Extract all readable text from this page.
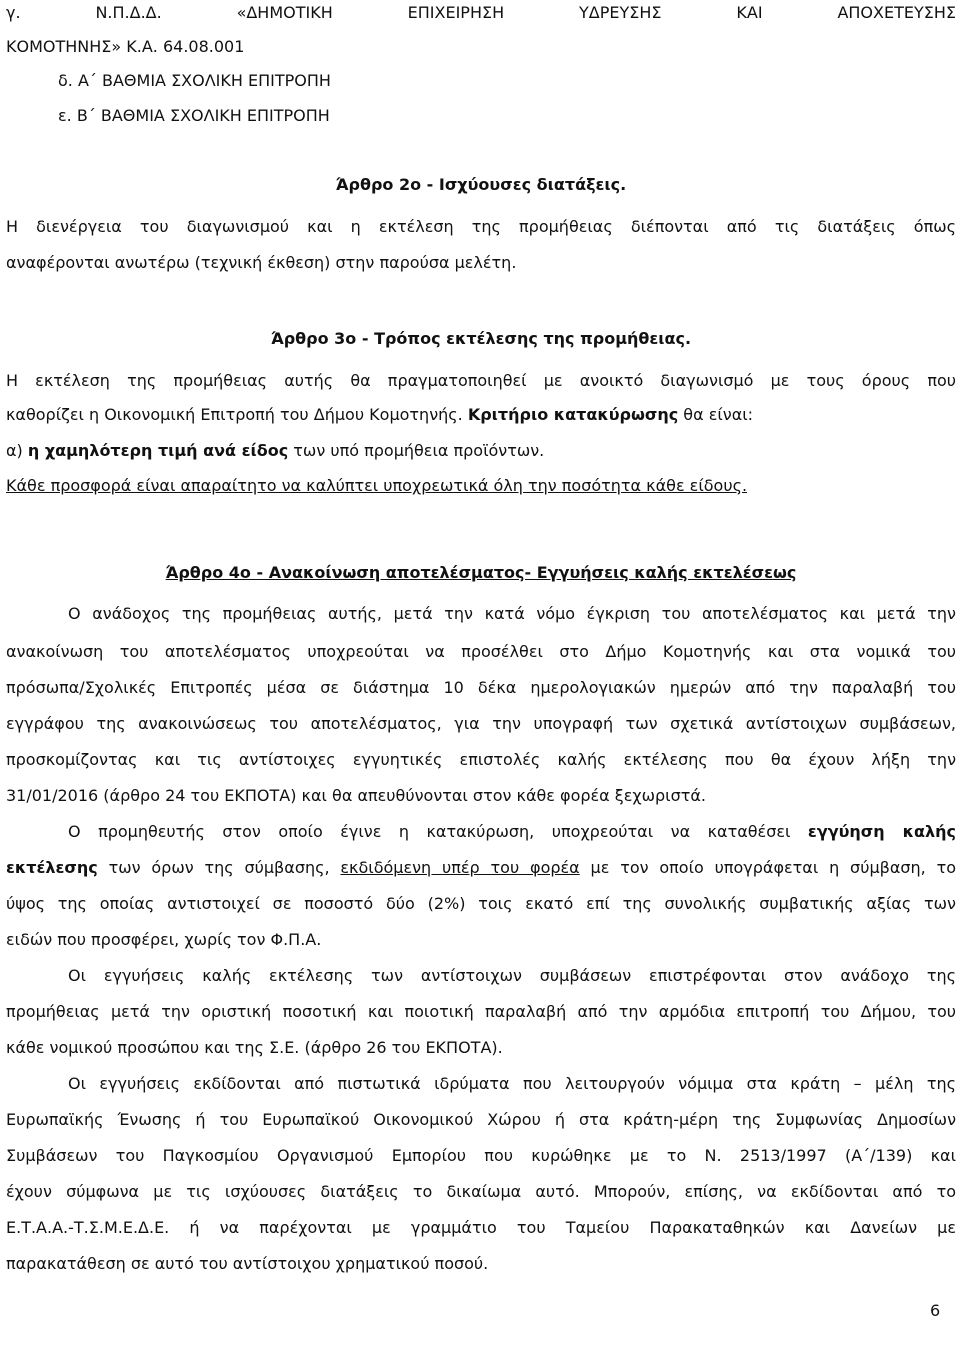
γ. Ν.Π.Δ.Δ. «ΔΗΜΟΤΙΚΗ ΕΠΙΧΕΙΡΗΣΗ ΥΔΡΕΥΣΗΣ ΚΑΙ ΑΠΟΧΕΤΕΥΣΗΣ
ΚΟΜΟΤΗΝΗΣ» Κ.Α. 64.08.001
δ. Α΄ ΒΑΘΜΙΑ ΣΧΟΛΙΚΗ ΕΠΙΤΡΟΠΗ
ε. Β΄ ΒΑΘΜΙΑ ΣΧΟΛΙΚΗ ΕΠΙΤΡΟΠΗ
Άρθρο 2ο - Ισχύουσες διατάξεις.
Η διενέργεια του διαγωνισμού και η εκτέλεση της προμήθειας διέπονται από τις διατάξεις όπως
αναφέρονται ανωτέρω (τεχνική έκθεση) στην παρούσα μελέτη.
Άρθρο 3ο - Τρόπος εκτέλεσης της προμήθειας.
Η εκτέλεση της προμήθειας αυτής θα πραγματοποιηθεί με ανοικτό διαγωνισμό με τους όρους που
καθορίζει η Οικονομική Επιτροπή του Δήμου Κομοτηνής. Κριτήριο κατακύρωσης θα είναι:
α) η χαμηλότερη τιμή ανά είδος των υπό προμήθεια προϊόντων.
Κάθε προσφορά είναι απαραίτητο να καλύπτει υποχρεωτικά όλη την ποσότητα κάθε είδους.
Άρθρο 4ο - Ανακοίνωση αποτελέσματος- Εγγυήσεις καλής εκτελέσεως
Ο ανάδοχος της προμήθειας αυτής, μετά την κατά νόμο έγκριση του αποτελέσματος και μετά την
ανακοίνωση του αποτελέσματος υποχρεούται να προσέλθει στο Δήμο Κομοτηνής και στα νομικά του
πρόσωπα/Σχολικές Επιτροπές μέσα σε διάστημα 10 δέκα ημερολογιακών ημερών από την παραλαβή του
εγγράφου της ανακοινώσεως του αποτελέσματος, για την υπογραφή των σχετικά αντίστοιχων συμβάσεων,
προσκομίζοντας και τις αντίστοιχες εγγυητικές επιστολές καλής εκτέλεσης που θα έχουν λήξη την
31/01/2016 (άρθρο 24 του ΕΚΠΟΤΑ) και θα απευθύνονται στον κάθε φορέα ξεχωριστά.
Ο προμηθευτής στον οποίο έγινε η κατακύρωση, υποχρεούται να καταθέσει εγγύηση καλής
εκτέλεσης των όρων της σύμβασης, εκδιδόμενη υπέρ του φορέα με τον οποίο υπογράφεται η σύμβαση, το
ύψος της οποίας αντιστοιχεί σε ποσοστό δύο (2%) τοις εκατό επί της συνολικής συμβατικής αξίας των
ειδών που προσφέρει, χωρίς τον Φ.Π.Α.
Οι εγγυήσεις καλής εκτέλεσης των αντίστοιχων συμβάσεων επιστρέφονται στον ανάδοχο της
προμήθειας μετά την οριστική ποσοτική και ποιοτική παραλαβή από την αρμόδια επιτροπή του Δήμου, του
κάθε νομικού προσώπου και της Σ.Ε. (άρθρο 26 του ΕΚΠΟΤΑ).
Οι εγγυήσεις εκδίδονται από πιστωτικά ιδρύματα που λειτουργούν νόμιμα στα κράτη – μέλη της
Ευρωπαϊκής Ένωσης ή του Ευρωπαϊκού Οικονομικού Χώρου ή στα κράτη-μέρη της Συμφωνίας Δημοσίων
Συμβάσεων του Παγκοσμίου Οργανισμού Εμπορίου που κυρώθηκε με το Ν. 2513/1997 (Α΄/139) και
έχουν σύμφωνα με τις ισχύουσες διατάξεις το δικαίωμα αυτό. Μπορούν, επίσης, να εκδίδονται από το
Ε.Τ.Α.Α.-Τ.Σ.Μ.Ε.Δ.Ε. ή να παρέχονται με γραμμάτιο του Ταμείου Παρακαταθηκών και Δανείων με
παρακατάθεση σε αυτό του αντίστοιχου χρηματικού ποσού.
6
